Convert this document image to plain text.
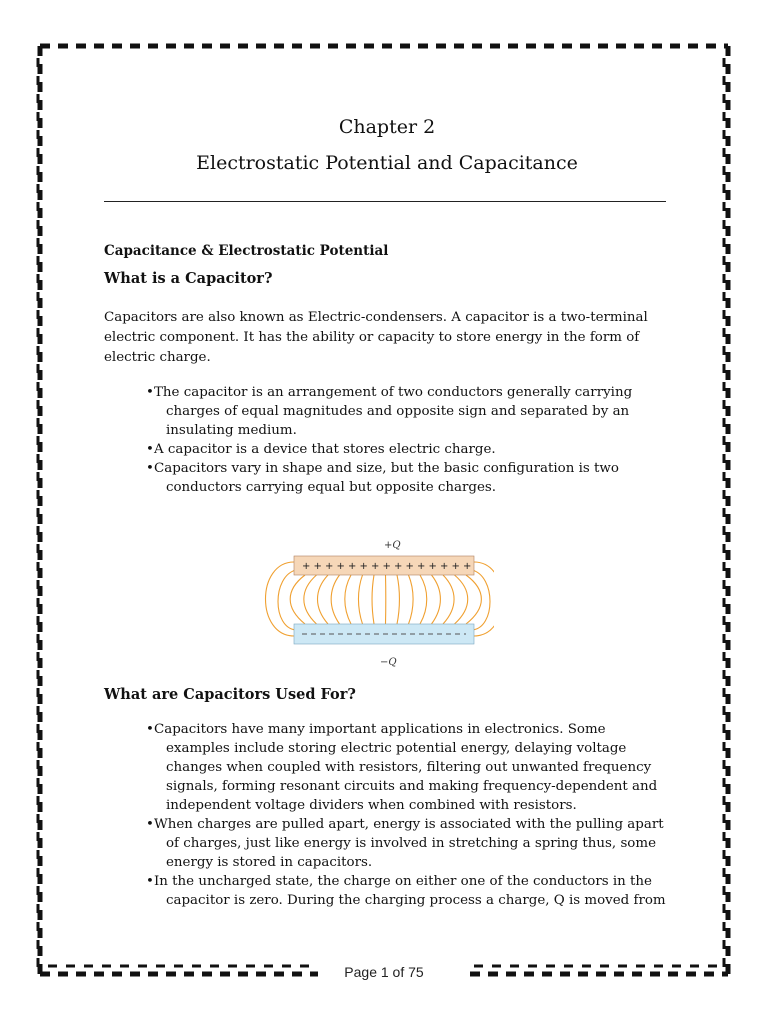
Chapter 2
Electrostatic Potential and Capacitance
Capacitance & Electrostatic Potential
What is a Capacitor?
Capacitors are also known as Electric-condensers. A capacitor is a two-terminal electric component. It has the ability or capacity to store energy in the form of electric charge.
•The capacitor is an arrangement of two conductors generally carrying charges of equal magnitudes and opposite sign and separated by an insulating medium.
•A capacitor is a device that stores electric charge.
•Capacitors vary in shape and size, but the basic configuration is two conductors carrying equal but opposite charges.
+Q
+ + + + + + + + + + + + + + +
−Q
What are Capacitors Used For?
•Capacitors have many important applications in electronics. Some examples include storing electric potential energy, delaying voltage changes when coupled with resistors, filtering out unwanted frequency signals, forming resonant circuits and making frequency-dependent and independent voltage dividers when combined with resistors.
•When charges are pulled apart, energy is associated with the pulling apart of charges, just like energy is involved in stretching a spring thus, some energy is stored in capacitors.
•In the uncharged state, the charge on either one of the conductors in the capacitor is zero. During the charging process a charge, Q is moved from
Page 1 of 75
